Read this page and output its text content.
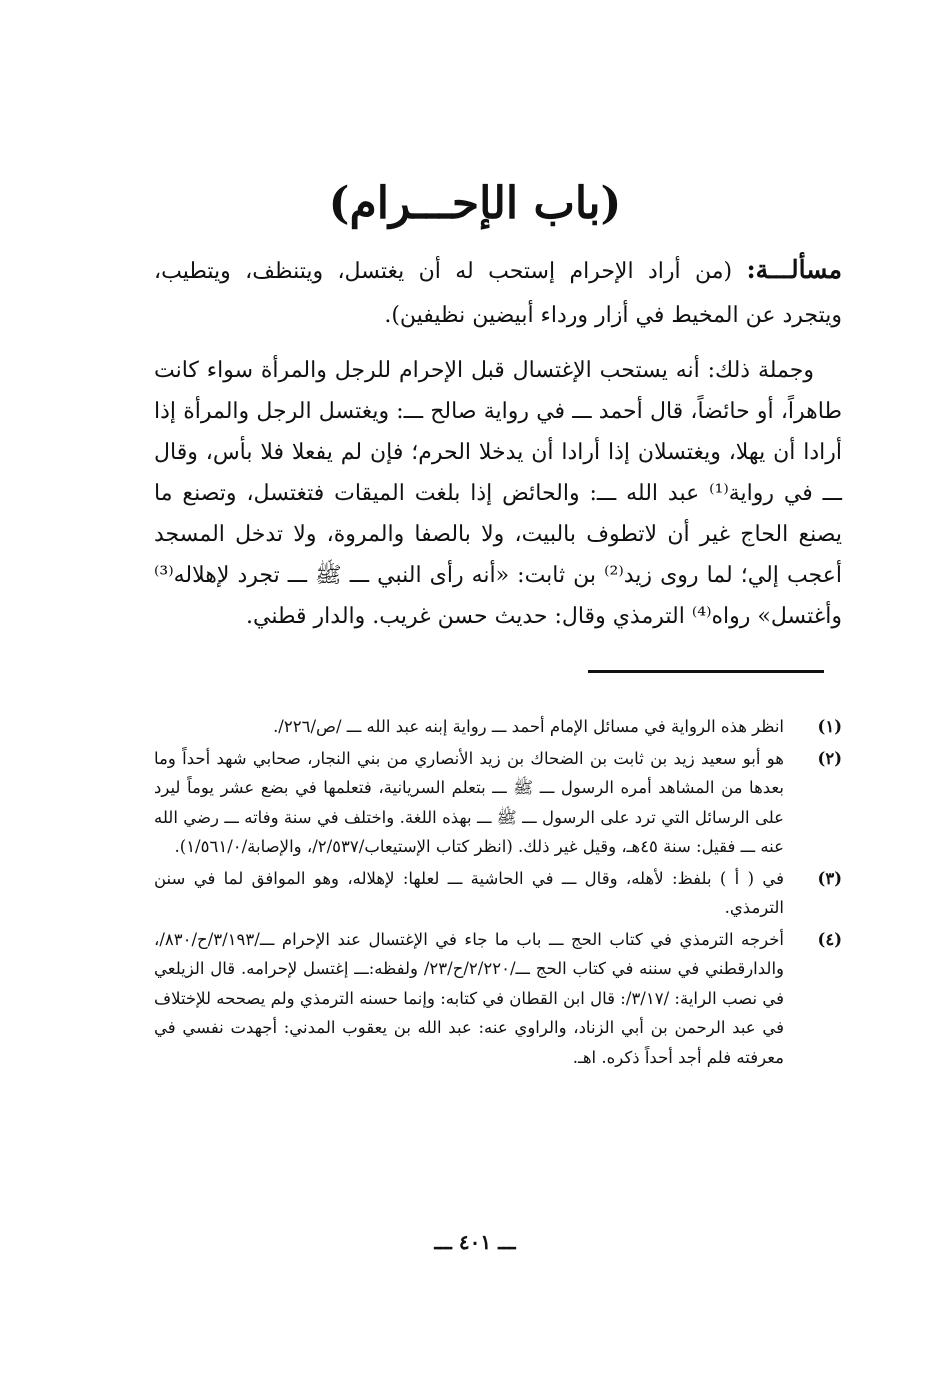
(باب الإحـــرام)

مسألـــة: (من أراد الإحرام إستحب له أن يغتسل، ويتنظف، ويتطيب، ويتجرد عن المخيط في أزار ورداء أبيضين نظيفين).

وجملة ذلك: أنه يستحب الإغتسال قبل الإحرام للرجل والمرأة سواء كانت طاهراً، أو حائضاً، قال أحمد ـــ في رواية صالح ـــ: ويغتسل الرجل والمرأة إذا أرادا أن يهلا، ويغتسلان إذا أرادا أن يدخلا الحرم؛ فإن لم يفعلا فلا بأس، وقال ـــ في رواية⁽¹⁾ عبد الله ـــ: والحائض إذا بلغت الميقات فتغتسل، وتصنع ما يصنع الحاج غير أن لاتطوف بالبيت، ولا بالصفا والمروة، ولا تدخل المسجد أعجب إلي؛ لما روى زيد⁽²⁾ بن ثابت: «أنه رأى النبي ـــ ﷺ ـــ تجرد لإهلاله⁽³⁾ وأغتسل» رواه⁽⁴⁾ الترمذي وقال: حديث حسن غريب. والدار قطني.

(١)
انظر هذه الرواية في مسائل الإمام أحمد ـــ رواية إبنه عبد الله ـــ /ص/٢٢٦/.
(٢)
هو أبو سعيد زيد بن ثابت بن الضحاك بن زيد الأنصاري من بني النجار، صحابي شهد أحداً وما بعدها من المشاهد أمره الرسول ـــ ﷺ ـــ بتعلم السريانية، فتعلمها في بضع عشر يوماً ليرد على الرسائل التي ترد على الرسول ـــ ﷺ ـــ بهذه اللغة. واختلف في سنة وفاته ـــ رضي الله عنه ـــ فقيل: سنة ٤٥هـ، وقيل غير ذلك. (انظر كتاب الإستيعاب/٢/٥٣٧/، والإصابة/١/٥٦١/٠).
(٣)
في ( أ ) بلفظ: لأهله، وقال ـــ في الحاشية ـــ لعلها: لإهلاله، وهو الموافق لما في سنن الترمذي.
(٤)
أخرجه الترمذي في كتاب الحج ـــ باب ما جاء في الإغتسال عند الإحرام ـــ/٣/١٩٣/ح/٨٣٠/، والدارقطني في سننه في كتاب الحج ـــ/٢/٢٢٠/ح/٢٣/ ولفظه:ـــ إغتسل لإحرامه. قال الزيلعي في نصب الراية: /٣/١٧/: قال ابن القطان في كتابه: وإنما حسنه الترمذي ولم يصححه للإختلاف في عبد الرحمن بن أبي الزناد، والراوي عنه: عبد الله بن يعقوب المدني: أجهدت نفسي في معرفته فلم أجد أحداً ذكره. اهـ.
ـــ ٤٠١ ـــ
